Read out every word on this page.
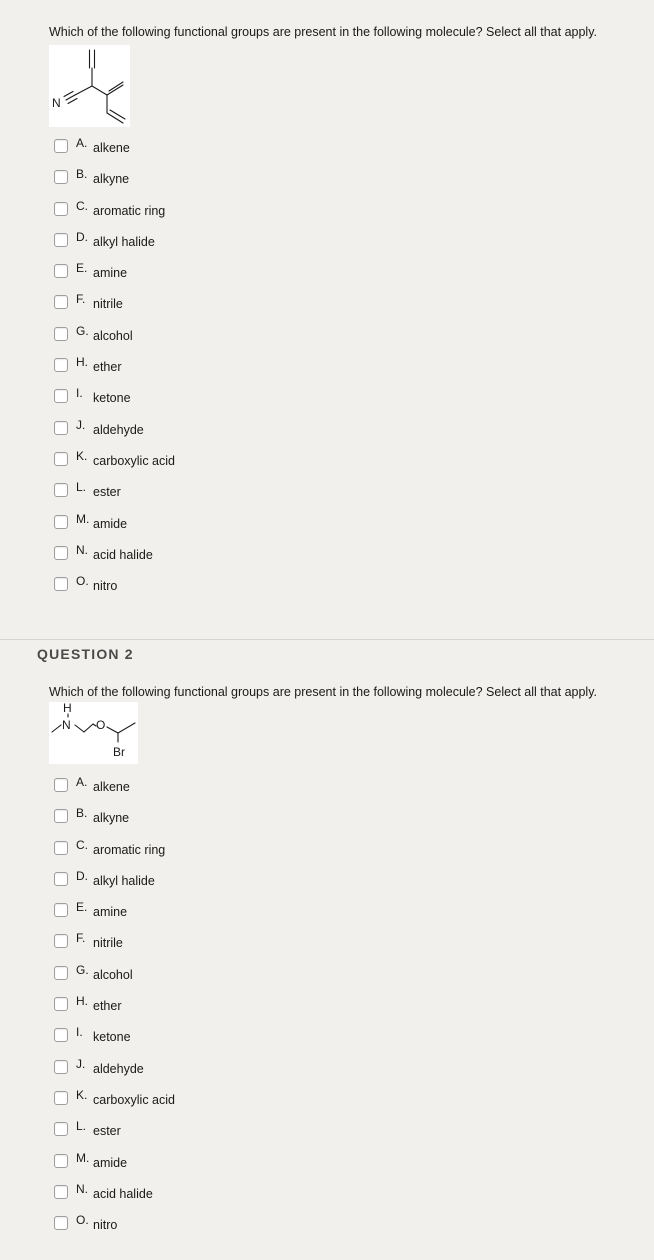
Which of the following functional groups are present in the following molecule? Select all that apply.
N
A. alkene
B. alkyne
C. aromatic ring
D. alkyl halide
E. amine
F. nitrile
G. alcohol
H. ether
I. ketone
J. aldehyde
K. carboxylic acid
L. ester
M. amide
N. acid halide
O. nitro
QUESTION 2
Which of the following functional groups are present in the following molecule? Select all that apply.
H
N O
Br
A. alkene
B. alkyne
C. aromatic ring
D. alkyl halide
E. amine
F. nitrile
G. alcohol
H. ether
I. ketone
J. aldehyde
K. carboxylic acid
L. ester
M. amide
N. acid halide
O. nitro
